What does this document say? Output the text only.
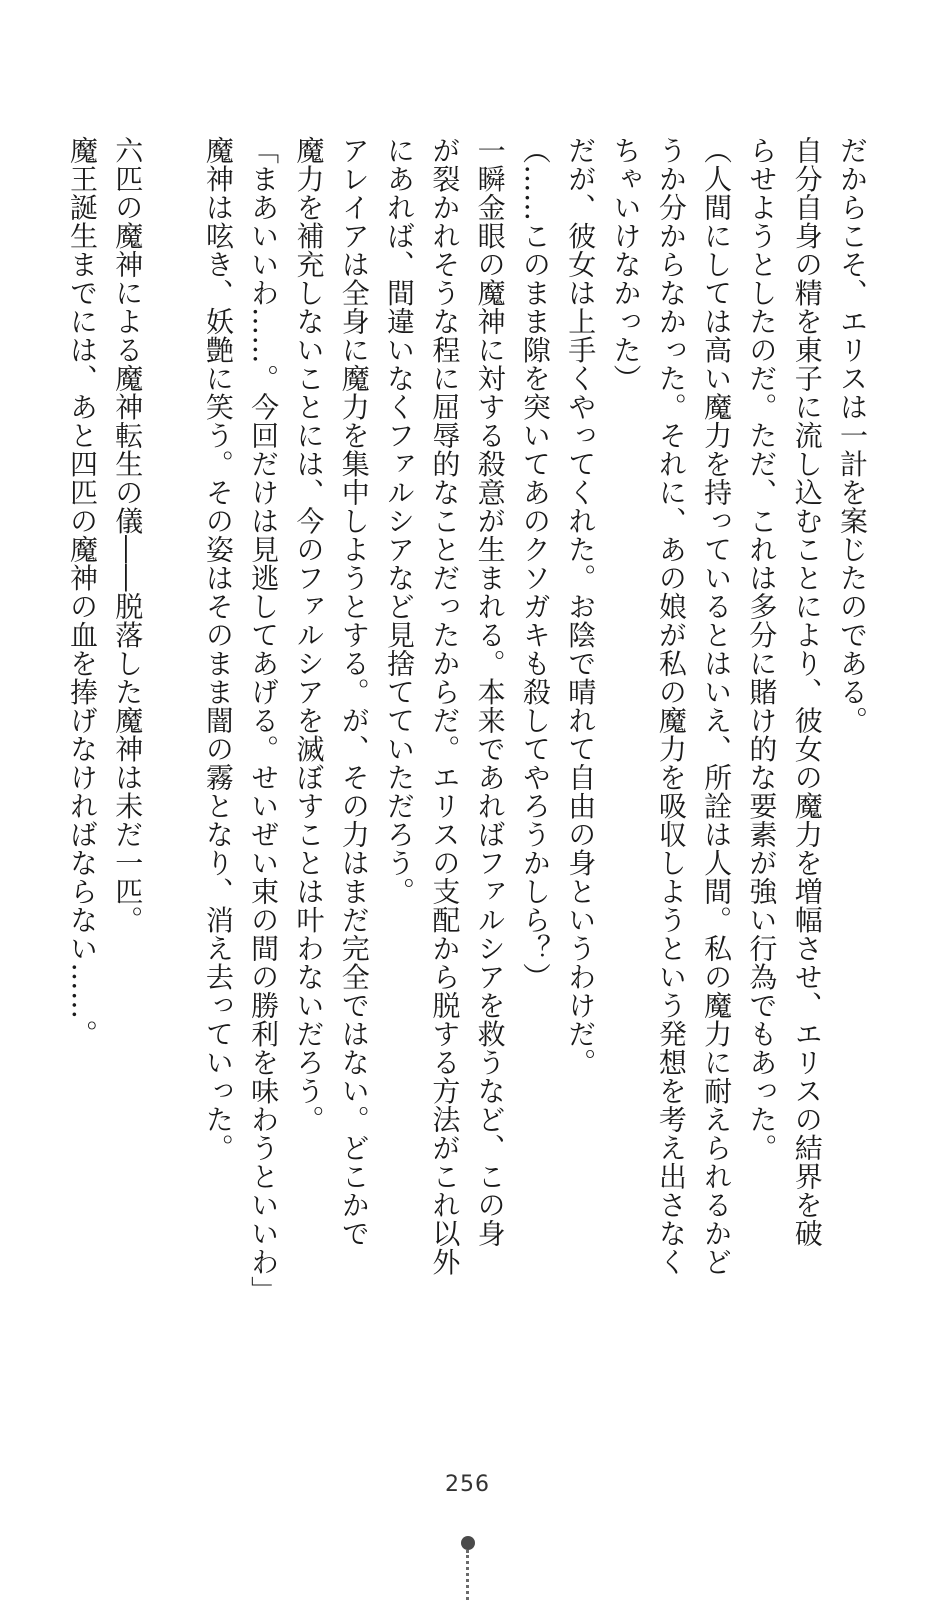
だからこそ、エリスは一計を案じたのである。
自分自身の精を東子に流し込むことにより、彼女の魔力を増幅させ、エリスの結界を破
らせようとしたのだ。ただ、これは多分に賭け的な要素が強い行為でもあった。
（人間にしては高い魔力を持っているとはいえ、所詮は人間。私の魔力に耐えられるかど
うか分からなかった。それに、あの娘が私の魔力を吸収しようという発想を考え出さなく
ちゃいけなかった）
だが、彼女は上手くやってくれた。お陰で晴れて自由の身というわけだ。
（……このまま隙を突いてあのクソガキも殺してやろうかしら？）
一瞬金眼の魔神に対する殺意が生まれる。本来であればファルシアを救うなど、この身
が裂かれそうな程に屈辱的なことだったからだ。エリスの支配から脱する方法がこれ以外
にあれば、間違いなくファルシアなど見捨てていただろう。
アレイアは全身に魔力を集中しようとする。が、その力はまだ完全ではない。どこかで
魔力を補充しないことには、今のファルシアを滅ぼすことは叶わないだろう。
「まあいいわ……。今回だけは見逃してあげる。せいぜい束の間の勝利を味わうといいわ」
魔神は呟き、妖艶に笑う。その姿はそのまま闇の霧となり、消え去っていった。
六匹の魔神による魔神転生の儀――脱落した魔神は未だ一匹。
魔王誕生までには、あと四匹の魔神の血を捧げなければならない……。
256
